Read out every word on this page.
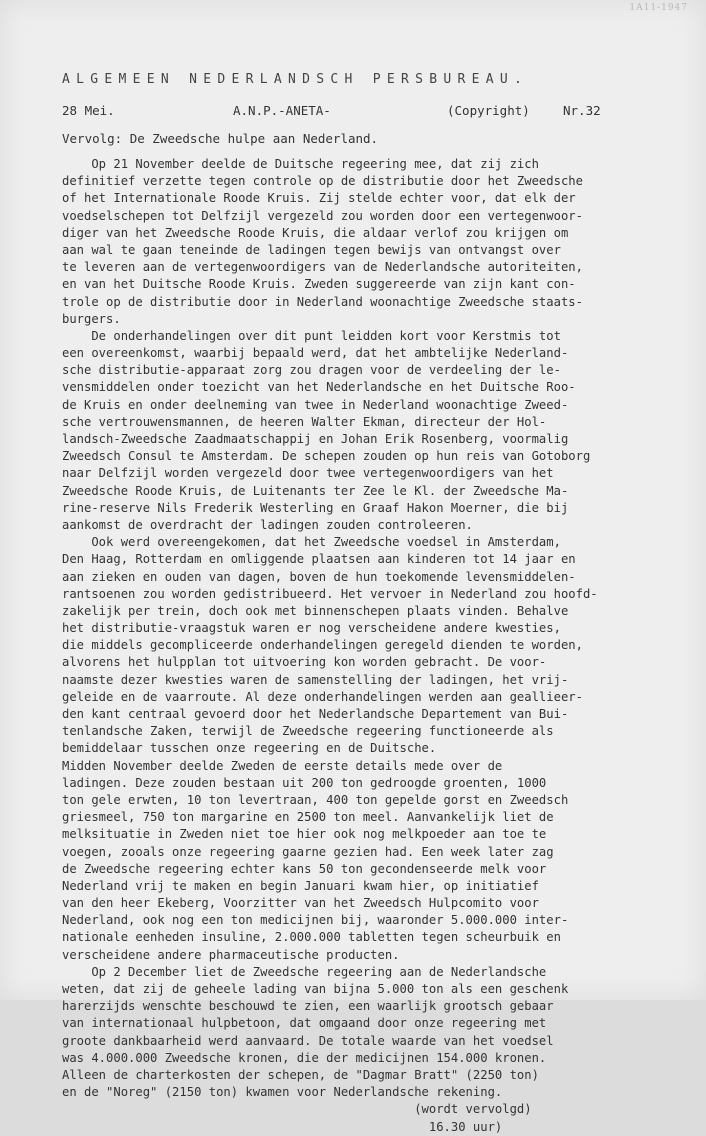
1A11-1947
ALGEMEEN NEDERLANDSCH PERSBUREAU.
28 Mei.	A.N.P.-ANETA-	(Copyright)	Nr.32
Vervolg: De Zweedsche hulpe aan Nederland.
Op 21 November deelde de Duitsche regeering mee, dat zij zich
definitief verzette tegen controle op de distributie door het Zweedsche
of het Internationale Roode Kruis. Zij stelde echter voor, dat elk der
voedselschepen tot Delfzijl vergezeld zou worden door een vertegenwoor-
diger van het Zweedsche Roode Kruis, die aldaar verlof zou krijgen om
aan wal te gaan teneinde de ladingen tegen bewijs van ontvangst over
te leveren aan de vertegenwoordigers van de Nederlandsche autoriteiten,
en van het Duitsche Roode Kruis. Zweden suggereerde van zijn kant con-
trole op de distributie door in Nederland woonachtige Zweedsche staats-
burgers.
De onderhandelingen over dit punt leidden kort voor Kerstmis tot
een overeenkomst, waarbij bepaald werd, dat het ambtelijke Nederland-
sche distributie-apparaat zorg zou dragen voor de verdeeling der le-
vensmiddelen onder toezicht van het Nederlandsche en het Duitsche Roo-
de Kruis en onder deelneming van twee in Nederland woonachtige Zweed-
sche vertrouwensmannen, de heeren Walter Ekman, directeur der Hol-
landsch-Zweedsche Zaadmaatschappij en Johan Erik Rosenberg, voormalig
Zweedsch Consul te Amsterdam. De schepen zouden op hun reis van Gotoborg
naar Delfzijl worden vergezeld door twee vertegenwoordigers van het
Zweedsche Roode Kruis, de Luitenants ter Zee le Kl. der Zweedsche Ma-
rine-reserve Nils Frederik Westerling en Graaf Hakon Moerner, die bij
aankomst de overdracht der ladingen zouden controleeren.
Ook werd overeengekomen, dat het Zweedsche voedsel in Amsterdam,
Den Haag, Rotterdam en omliggende plaatsen aan kinderen tot 14 jaar en
aan zieken en ouden van dagen, boven de hun toekomende levensmiddelen-
rantsoenen zou worden gedistribueerd. Het vervoer in Nederland zou hoofd-
zakelijk per trein, doch ook met binnenschepen plaats vinden. Behalve
het distributie-vraagstuk waren er nog verscheidene andere kwesties,
die middels gecompliceerde onderhandelingen geregeld dienden te worden,
alvorens het hulpplan tot uitvoering kon worden gebracht. De voor-
naamste dezer kwesties waren de samenstelling der ladingen, het vrij-
geleide en de vaarroute. Al deze onderhandelingen werden aan geallieer-
den kant centraal gevoerd door het Nederlandsche Departement van Bui-
tenlandsche Zaken, terwijl de Zweedsche regeering functioneerde als
bemiddelaar tusschen onze regeering en de Duitsche.
Midden November deelde Zweden de eerste details mede over de
ladingen. Deze zouden bestaan uit 200 ton gedroogde groenten, 1000
ton gele erwten, 10 ton levertraan, 400 ton gepelde gorst en Zweedsch
griesmeel, 750 ton margarine en 2500 ton meel. Aanvankelijk liet de
melksituatie in Zweden niet toe hier ook nog melkpoeder aan toe te
voegen, zooals onze regeering gaarne gezien had. Een week later zag
de Zweedsche regeering echter kans 50 ton gecondenseerde melk voor
Nederland vrij te maken en begin Januari kwam hier, op initiatief
van den heer Ekeberg, Voorzitter van het Zweedsch Hulpcomito voor
Nederland, ook nog een ton medicijnen bij, waaronder 5.000.000 inter-
nationale eenheden insuline, 2.000.000 tabletten tegen scheurbuik en
verscheidene andere pharmaceutische producten.
Op 2 December liet de Zweedsche regeering aan de Nederlandsche
weten, dat zij de geheele lading van bijna 5.000 ton als een geschenk
harerzijds wenschte beschouwd te zien, een waarlijk grootsch gebaar
van internationaal hulpbetoon, dat omgaand door onze regeering met
groote dankbaarheid werd aanvaard. De totale waarde van het voedsel
was 4.000.000 Zweedsche kronen, die der medicijnen 154.000 kronen.
Alleen de charterkosten der schepen, de "Dagmar Bratt" (2250 ton)
en de "Noreg" (2150 ton) kwamen voor Nederlandsche rekening.
(wordt vervolgd)
16.30 uur)
